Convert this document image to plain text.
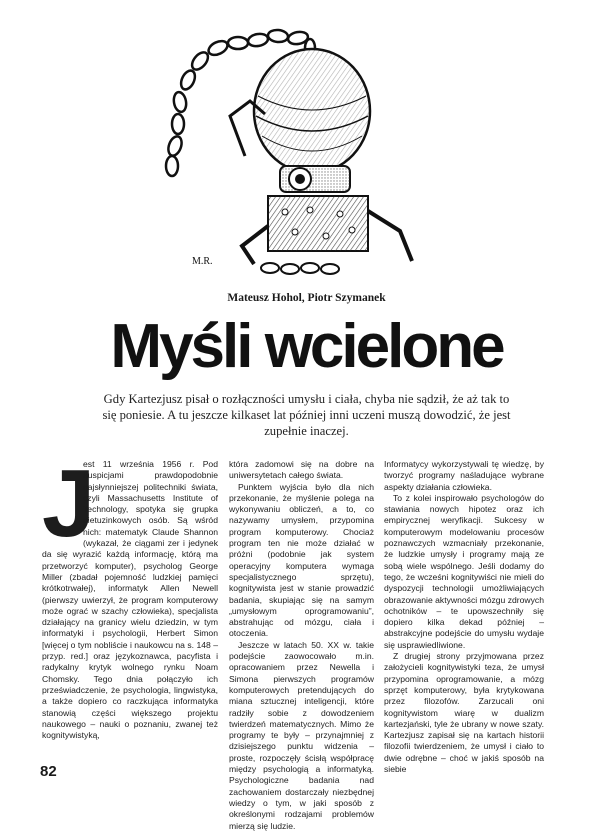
M.R.
Mateusz Hohol, Piotr Szymanek
Myśli wcielone
Gdy Kartezjusz pisał o rozłączności umysłu i ciała, chyba nie sądził, że aż tak to się poniesie. A tu jeszcze kilkaset lat później inni uczeni muszą dowodzić, że jest zupełnie inaczej.
J

est 11 września 1956 r. Pod auspicjami prawdopodobnie najsłynniejszej politechniki świata, czyli Massachusetts Institute of Technology, spotyka się grupka nietuzinkowych osób. Są wśród nich: matematyk Claude Shannon (wykazał, że ciągami zer i jedynek da się wyrazić każdą informację, którą ma przetworzyć komputer), psycholog George Miller (zbadał pojemność ludzkiej pamięci krótkotrwałej), informatyk Allen Newell (pierwszy uwierzył, że program komputerowy może ograć w szachy człowieka), specjalista działający na granicy wielu dziedzin, w tym informatyki i psychologii, Herbert Simon [więcej o tym nobliście i naukowcu na s. 148 – przyp. red.] oraz językoznawca, pacyfista i radykalny krytyk wolnego rynku Noam Chomsky. Tego dnia połączyło ich przeświadczenie, że psychologia, lingwistyka, a także dopiero co raczkująca informatyka stanowią części większego projektu naukowego – nauki o poznaniu, zwanej też kognitywistyką,

która zadomowi się na dobre na uniwersytetach całego świata.

Punktem wyjścia było dla nich przekonanie, że myślenie polega na wykonywaniu obliczeń, a to, co nazywamy umysłem, przypomina program komputerowy. Chociaż program ten nie może działać w próżni (podobnie jak system operacyjny komputera wymaga specjalistycznego sprzętu), kognitywista jest w stanie prowadzić badania, skupiając się na samym „umysłowym oprogramowaniu”, abstrahując od mózgu, ciała i otoczenia.

Jeszcze w latach 50. XX w. takie podejście zaowocowało m.in. opracowaniem przez Newella i Simona pierwszych programów komputerowych pretendujących do miana sztucznej inteligencji, które radziły sobie z dowodzeniem twierdzeń matematycznych. Mimo że programy te były – przynajmniej z dzisiejszego punktu widzenia – proste, rozpoczęły ścisłą współpracę między psychologią a informatyką. Psychologiczne badania nad zachowaniem dostarczały niezbędnej wiedzy o tym, w jaki sposób z określonymi rodzajami problemów mierzą się ludzie.

Informatycy wykorzystywali tę wiedzę, by tworzyć programy naśladujące wybrane aspekty działania człowieka.

To z kolei inspirowało psychologów do stawiania nowych hipotez oraz ich empirycznej weryfikacji. Sukcesy w komputerowym modelowaniu procesów poznawczych wzmacniały przekonanie, że ludzkie umysły i programy mają ze sobą wiele wspólnego. Jeśli dodamy do tego, że wcześni kognitywiści nie mieli do dyspozycji technologii umożliwiających obrazowanie aktywności mózgu zdrowych ochotników – te upowszechniły się dopiero kilka dekad później – abstrakcyjne podejście do umysłu wydaje się usprawiedliwione.

Z drugiej strony przyjmowana przez założycieli kognitywistyki teza, że umysł przypomina oprogramowanie, a mózg sprzęt komputerowy, była krytykowana przez filozofów. Zarzucali oni kognitywistom wiarę w dualizm kartezjański, tyle że ubrany w nowe szaty. Kartezjusz zapisał się na kartach historii filozofii twierdzeniem, że umysł i ciało to dwie odrębne – choć w jakiś sposób na siebie

82
